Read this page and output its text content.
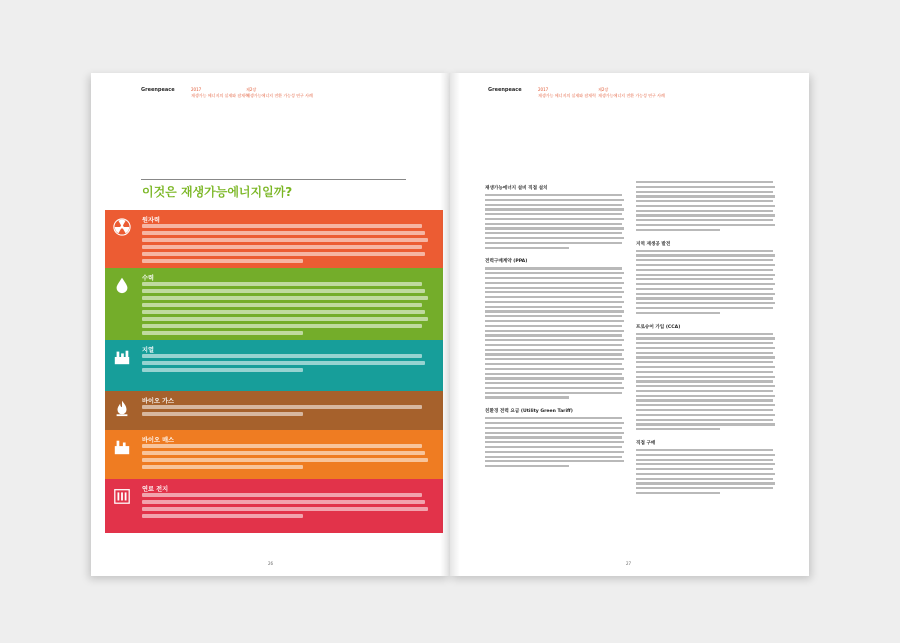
Greenpeace	2017
재생가능 에너지의 실제와 잠재력
제2장
재생가능에너지 전환 가능성 연구 사례
이것은 재생가능에너지일까?
원자력
수력
지열
바이오 가스
바이오 매스
연료 전지
26
Greenpeace	2017
재생가능 에너지의 실제와 잠재력
제2장
재생가능에너지 전환 가능성 연구 사례
재생가능에너지 설비 직접 설치
전력구매계약 (PPA)
친환경 전력 요금 (Utility Green Tariff)
지역 재생공 발전
프로슈어 가입 (CCA)
직접 구매
27
